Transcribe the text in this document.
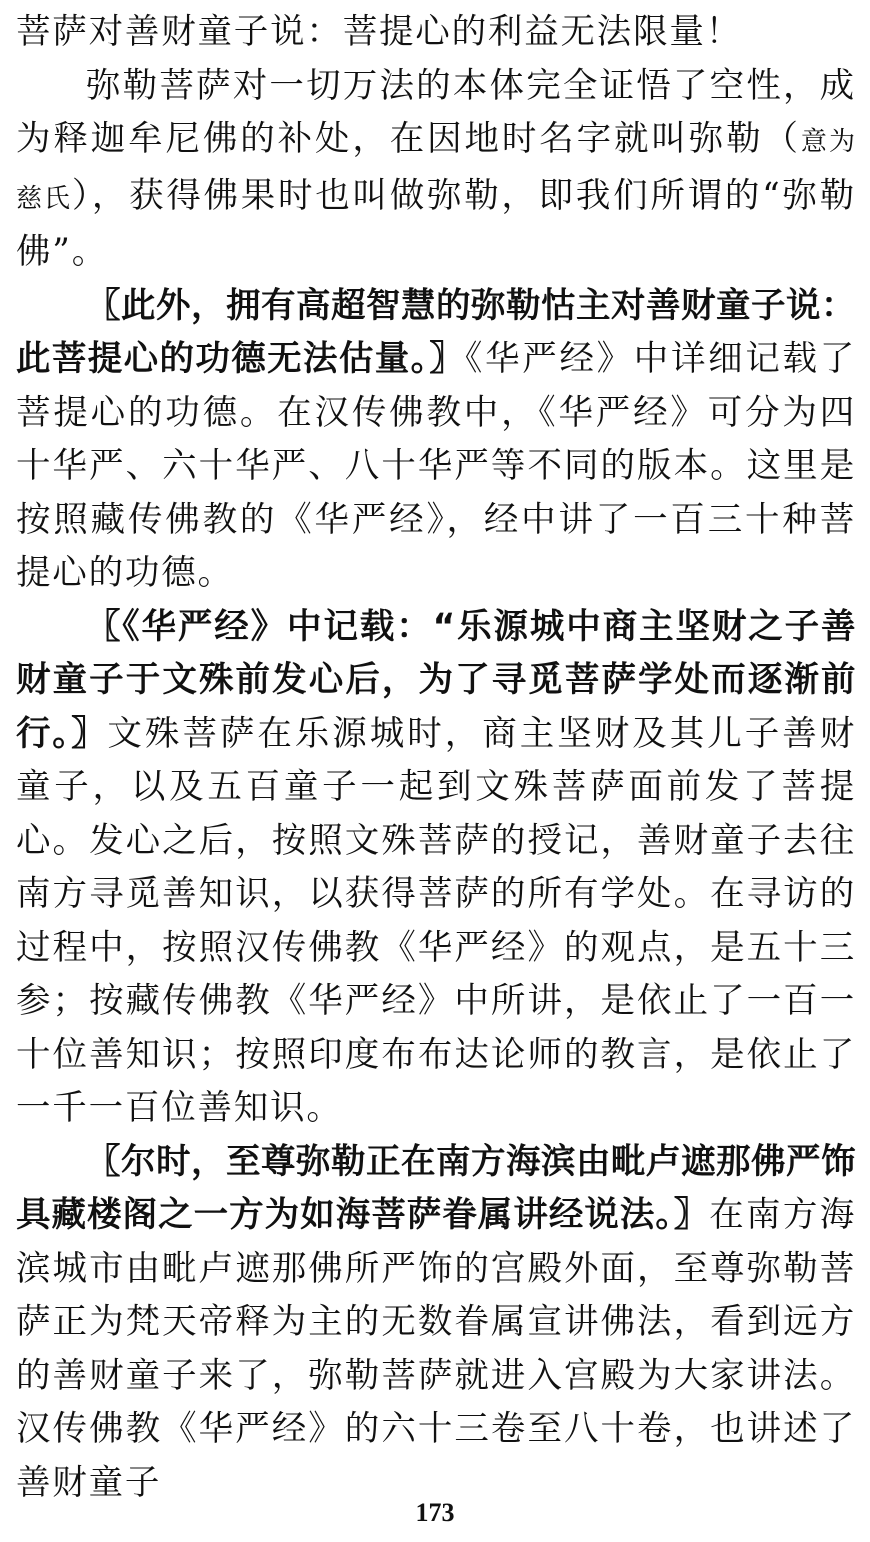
菩萨对善财童子说：菩提心的利益无法限量！

弥勒菩萨对一切万法的本体完全证悟了空性，成为释迦牟尼佛的补处，在因地时名字就叫弥勒（意为慈氏），获得佛果时也叫做弥勒，即我们所谓的“弥勒佛”。

〖此外，拥有高超智慧的弥勒怙主对善财童子说：此菩提心的功德无法估量。〗《华严经》中详细记载了菩提心的功德。在汉传佛教中，《华严经》可分为四十华严、六十华严、八十华严等不同的版本。这里是按照藏传佛教的《华严经》，经中讲了一百三十种菩提心的功德。

〖《华严经》中记载：“乐源城中商主坚财之子善财童子于文殊前发心后，为了寻觅菩萨学处而逐渐前行。〗文殊菩萨在乐源城时，商主坚财及其儿子善财童子，以及五百童子一起到文殊菩萨面前发了菩提心。发心之后，按照文殊菩萨的授记，善财童子去往南方寻觅善知识，以获得菩萨的所有学处。在寻访的过程中，按照汉传佛教《华严经》的观点，是五十三参；按藏传佛教《华严经》中所讲，是依止了一百一十位善知识；按照印度布布达论师的教言，是依止了一千一百位善知识。

〖尔时，至尊弥勒正在南方海滨由毗卢遮那佛严饰具藏楼阁之一方为如海菩萨眷属讲经说法。〗在南方海滨城市由毗卢遮那佛所严饰的宫殿外面，至尊弥勒菩萨正为梵天帝释为主的无数眷属宣讲佛法，看到远方的善财童子来了，弥勒菩萨就进入宫殿为大家讲法。汉传佛教《华严经》的六十三卷至八十卷，也讲述了善财童子

173
